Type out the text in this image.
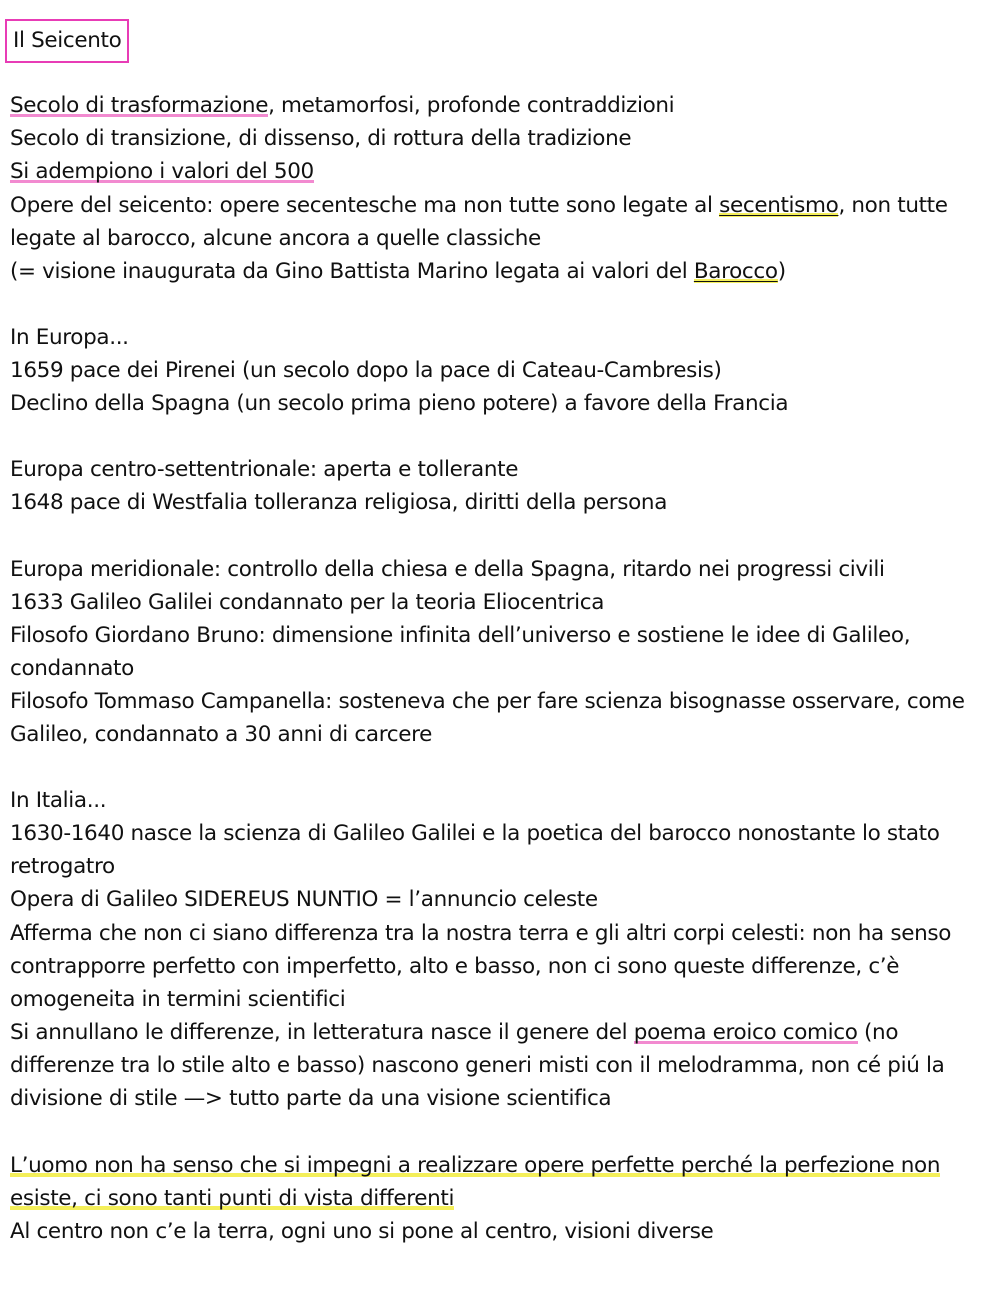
Il Seicento
Secolo di trasformazione, metamorfosi, profonde contraddizioni
Secolo di transizione, di dissenso, di rottura della tradizione
Si adempiono i valori del 500
Opere del seicento: opere secentesche ma non tutte sono legate al secentismo, non tutte
legate al barocco, alcune ancora a quelle classiche
(= visione inaugurata da Gino Battista Marino legata ai valori del Barocco)
In Europa...
1659 pace dei Pirenei (un secolo dopo la pace di Cateau-Cambresis)
Declino della Spagna (un secolo prima pieno potere) a favore della Francia
Europa centro-settentrionale: aperta e tollerante
1648 pace di Westfalia tolleranza religiosa, diritti della persona
Europa meridionale: controllo della chiesa e della Spagna, ritardo nei progressi civili
1633 Galileo Galilei condannato per la teoria Eliocentrica
Filosofo Giordano Bruno: dimensione infinita dell’universo e sostiene le idee di Galileo,
condannato
Filosofo Tommaso Campanella: sosteneva che per fare scienza bisognasse osservare, come
Galileo, condannato a 30 anni di carcere
In Italia...
1630-1640 nasce la scienza di Galileo Galilei e la poetica del barocco nonostante lo stato
retrogatro
Opera di Galileo SIDEREUS NUNTIO = l’annuncio celeste
Afferma che non ci siano differenza tra la nostra terra e gli altri corpi celesti: non ha senso
contrapporre perfetto con imperfetto, alto e basso, non ci sono queste differenze, c’è
omogeneita in termini scientifici
Si annullano le differenze, in letteratura nasce il genere del poema eroico comico (no
differenze tra lo stile alto e basso) nascono generi misti con il melodramma, non cé piú la
divisione di stile —> tutto parte da una visione scientifica
L’uomo non ha senso che si impegni a realizzare opere perfette perché la perfezione non
esiste, ci sono tanti punti di vista differenti
Al centro non c’e la terra, ogni uno si pone al centro, visioni diverse
